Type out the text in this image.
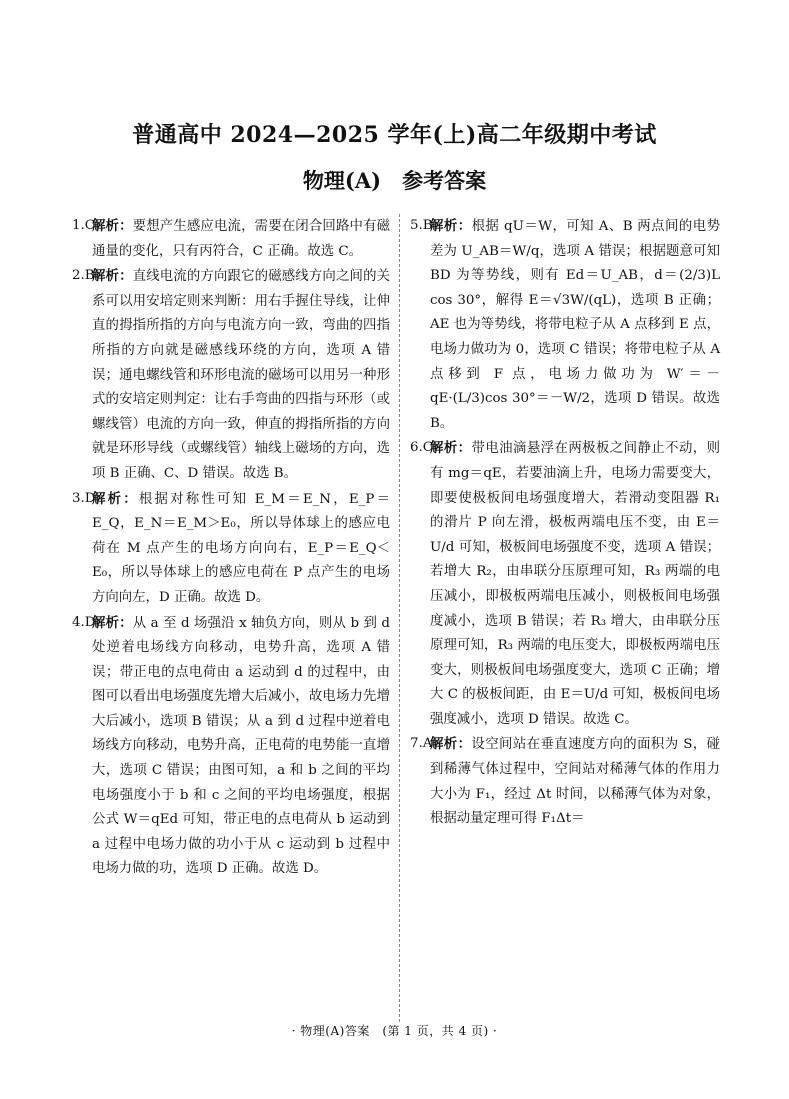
普通高中 2024—2025 学年(上)高二年级期中考试
物理(A)　参考答案

1.C
解析：要想产生感应电流，需要在闭合回路中有磁通量的变化，只有丙符合，C 正确。故选 C。

2.B
解析：直线电流的方向跟它的磁感线方向之间的关系可以用安培定则来判断：用右手握住导线，让伸直的拇指所指的方向与电流方向一致，弯曲的四指所指的方向就是磁感线环绕的方向，选项 A 错误；通电螺线管和环形电流的磁场可以用另一种形式的安培定则判定：让右手弯曲的四指与环形（或螺线管）电流的方向一致，伸直的拇指所指的方向就是环形导线（或螺线管）轴线上磁场的方向，选项 B 正确、C、D 错误。故选 B。

3.D
解析：根据对称性可知 E_M＝E_N，E_P＝E_Q，E_N＝E_M＞E₀，所以导体球上的感应电荷在 M 点产生的电场方向向右，E_P＝E_Q＜E₀，所以导体球上的感应电荷在 P 点产生的电场方向向左，D 正确。故选 D。

4.D
解析：从 a 至 d 场强沿 x 轴负方向，则从 b 到 d 处逆着电场线方向移动，电势升高，选项 A 错误；带正电的点电荷由 a 运动到 d 的过程中，由图可以看出电场强度先增大后减小，故电场力先增大后减小，选项 B 错误；从 a 到 d 过程中逆着电场线方向移动，电势升高，正电荷的电势能一直增大，选项 C 错误；由图可知，a 和 b 之间的平均电场强度小于 b 和 c 之间的平均电场强度，根据公式 W＝qEd 可知，带正电的点电荷从 b 运动到 a 过程中电场力做的功小于从 c 运动到 b 过程中电场力做的功，选项 D 正确。故选 D。

5.B
解析：根据 qU＝W，可知 A、B 两点间的电势差为 U_AB＝W/q，选项 A 错误；根据题意可知 BD 为等势线，则有 Ed＝U_AB，d＝(2/3)L cos 30°，解得 E＝√3W/(qL)，选项 B 正确；AE 也为等势线，将带电粒子从 A 点移到 E 点，电场力做功为 0，选项 C 错误；将带电粒子从 A 点移到 F 点，电场力做功为 W′＝－qE·(L/3)cos 30°＝－W/2，选项 D 错误。故选 B。

6.C
解析：带电油滴悬浮在两极板之间静止不动，则有 mg＝qE，若要油滴上升，电场力需要变大，即要使极板间电场强度增大，若滑动变阻器 R₁ 的滑片 P 向左滑，极板两端电压不变，由 E＝U/d 可知，极板间电场强度不变，选项 A 错误；若增大 R₂，由串联分压原理可知，R₃ 两端的电压减小，即极板两端电压减小，则极板间电场强度减小，选项 B 错误；若 R₃ 增大，由串联分压原理可知，R₃ 两端的电压变大，即极板两端电压变大，则极板间电场强度变大，选项 C 正确；增大 C 的极板间距，由 E＝U/d 可知，极板间电场强度减小，选项 D 错误。故选 C。

7.A
解析：设空间站在垂直速度方向的面积为 S，碰到稀薄气体过程中，空间站对稀薄气体的作用力大小为 F₁，经过 Δt 时间，以稀薄气体为对象，根据动量定理可得 F₁Δt＝

· 物理(A)答案　(第 1 页，共 4 页) ·
